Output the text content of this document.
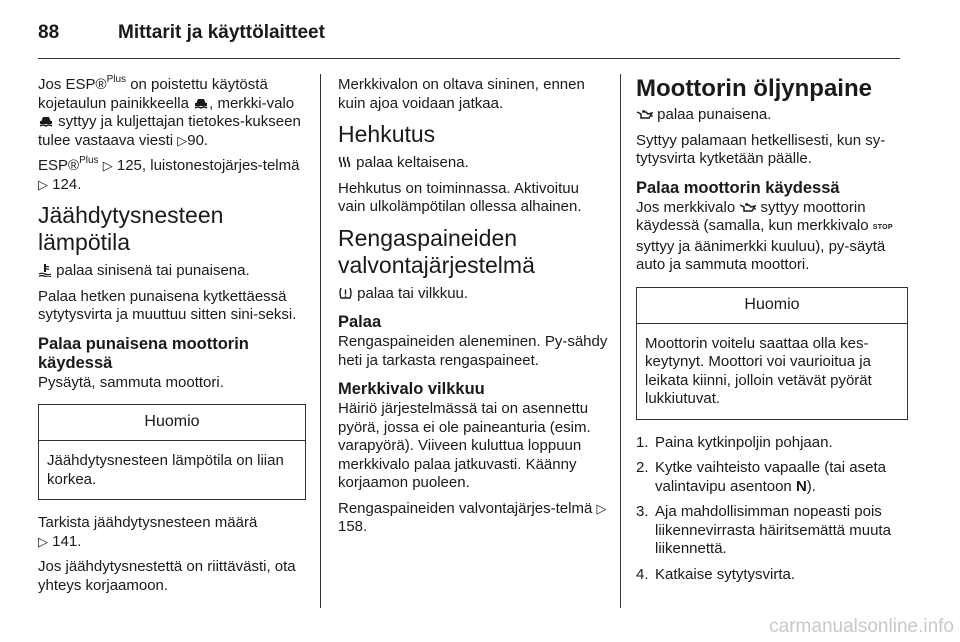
88	Mittarit ja käyttölaitteet

Jos ESP®$^{Plus}$ on poistettu käytöstä kojetaulun painikkeella , merkki-valo  syttyy ja kuljettajan tietokes-kukseen tulee vastaava viesti ▷90.

ESP®$^{Plus}$ ▷ 125, luistonestojärjes-telmä ▷ 124.

Jäähdytysnesteen lämpötila

palaa sinisenä tai punaisena.

Palaa hetken punaisena kytkettäessä sytytysvirta ja muuttuu sitten sini-seksi.

Palaa punaisena moottorin käydessä

Pysäytä, sammuta moottori.

Huomio
Jäähdytysnesteen lämpötila on liian korkea.

Tarkista jäähdytysnesteen määrä
▷ 141.

Jos jäähdytysnestettä on riittävästi, ota yhteys korjaamoon.

Merkkivalon on oltava sininen, ennen kuin ajoa voidaan jatkaa.

Hehkutus

palaa keltaisena.

Hehkutus on toiminnassa. Aktivoituu vain ulkolämpötilan ollessa alhainen.

Rengaspaineiden valvontajärjestelmä

palaa tai vilkkuu.

Palaa

Rengaspaineiden aleneminen. Py-sähdy heti ja tarkasta rengaspaineet.

Merkkivalo vilkkuu

Häiriö järjestelmässä tai on asennettu pyörä, jossa ei ole paineanturia (esim. varapyörä). Viiveen kuluttua loppuun merkkivalo palaa jatkuvasti. Käänny korjaamon puoleen.

Rengaspaineiden valvontajärjes-telmä ▷ 158.

Moottorin öljynpaine

palaa punaisena.

Syttyy palamaan hetkellisesti, kun sy-tytysvirta kytketään päälle.

Palaa moottorin käydessä

Jos merkkivalo  syttyy moottorin käydessä (samalla, kun merkkivalo STOP syttyy ja äänimerkki kuuluu), py-säytä auto ja sammuta moottori.

Huomio
Moottorin voitelu saattaa olla kes-keytynyt. Moottori voi vaurioitua ja leikata kiinni, jolloin vetävät pyörät lukkiutuvat.
1. Paina kytkinpoljin pohjaan.
2. Kytke vaihteisto vapaalle (tai aseta valintavipu asentoon N).
3. Aja mahdollisimman nopeasti pois liikennevirrasta häiritsemättä muuta liikennettä.
4. Katkaise sytytysvirta.
carmanualsonline.info
